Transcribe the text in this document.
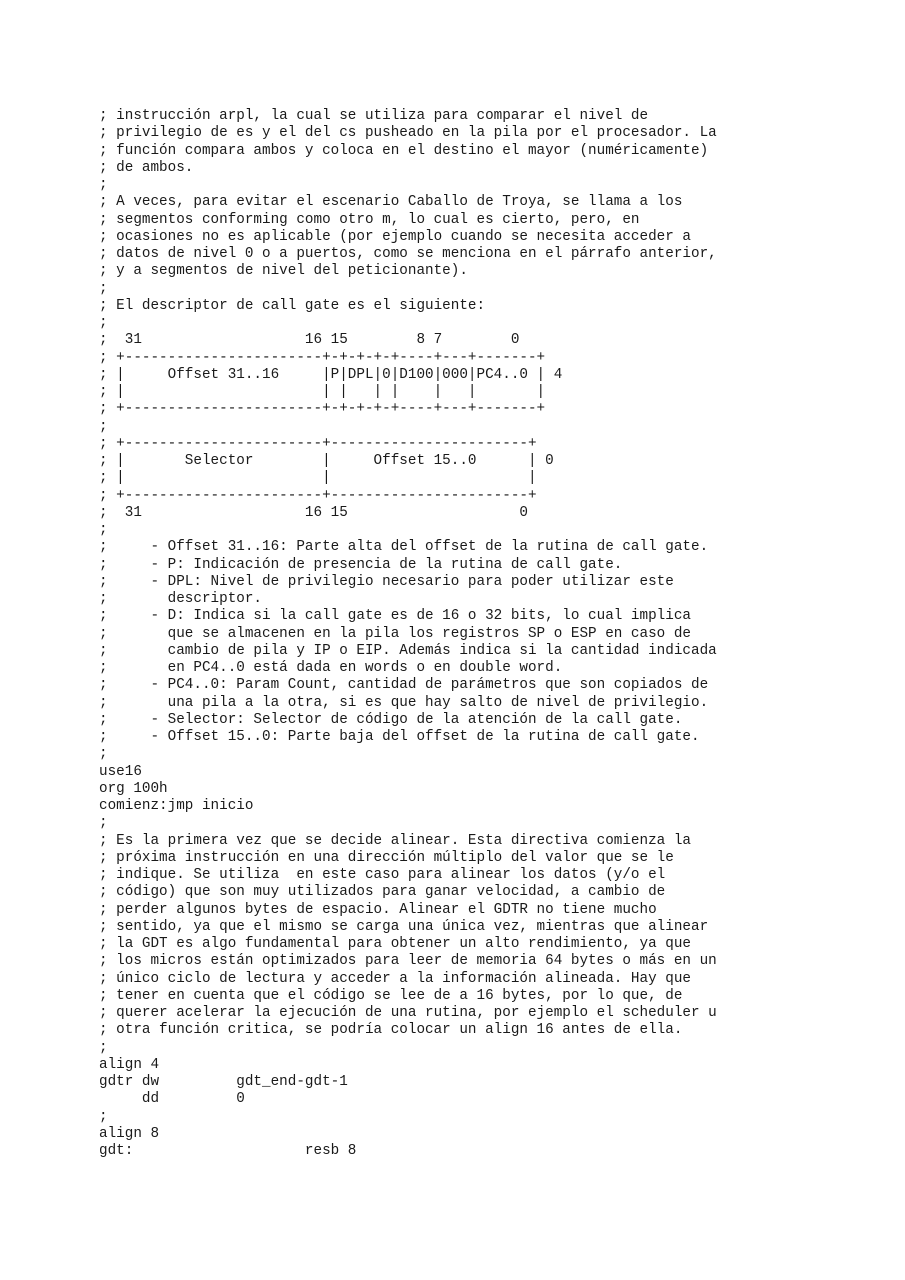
; instrucción arpl, la cual se utiliza para comparar el nivel de
; privilegio de es y el del cs pusheado en la pila por el procesador. La
; función compara ambos y coloca en el destino el mayor (numéricamente)
; de ambos.
;
; A veces, para evitar el escenario Caballo de Troya, se llama a los
; segmentos conforming como otro m, lo cual es cierto, pero, en
; ocasiones no es aplicable (por ejemplo cuando se necesita acceder a
; datos de nivel 0 o a puertos, como se menciona en el párrafo anterior,
; y a segmentos de nivel del peticionante).
;
; El descriptor de call gate es el siguiente:
;
;  31                   16 15        8 7        0
; +-----------------------+-+-+-+-+----+---+-------+
; |     Offset 31..16     |P|DPL|0|D100|000|PC4..0 | 4
; |                       | |   | |    |   |       |
; +-----------------------+-+-+-+-+----+---+-------+
;
; +-----------------------+-----------------------+
; |       Selector        |     Offset 15..0      | 0
; |                       |                       |
; +-----------------------+-----------------------+
;  31                   16 15                    0
;
;     - Offset 31..16: Parte alta del offset de la rutina de call gate.
;     - P: Indicación de presencia de la rutina de call gate.
;     - DPL: Nivel de privilegio necesario para poder utilizar este
;       descriptor.
;     - D: Indica si la call gate es de 16 o 32 bits, lo cual implica
;       que se almacenen en la pila los registros SP o ESP en caso de
;       cambio de pila y IP o EIP. Además indica si la cantidad indicada
;       en PC4..0 está dada en words o en double word.
;     - PC4..0: Param Count, cantidad de parámetros que son copiados de
;       una pila a la otra, si es que hay salto de nivel de privilegio.
;     - Selector: Selector de código de la atención de la call gate.
;     - Offset 15..0: Parte baja del offset de la rutina de call gate.
;
use16
org 100h
comienz:jmp inicio
;
; Es la primera vez que se decide alinear. Esta directiva comienza la
; próxima instrucción en una dirección múltiplo del valor que se le
; indique. Se utiliza  en este caso para alinear los datos (y/o el
; código) que son muy utilizados para ganar velocidad, a cambio de
; perder algunos bytes de espacio. Alinear el GDTR no tiene mucho
; sentido, ya que el mismo se carga una única vez, mientras que alinear
; la GDT es algo fundamental para obtener un alto rendimiento, ya que
; los micros están optimizados para leer de memoria 64 bytes o más en un
; único ciclo de lectura y acceder a la información alineada. Hay que
; tener en cuenta que el código se lee de a 16 bytes, por lo que, de
; querer acelerar la ejecución de una rutina, por ejemplo el scheduler u
; otra función critica, se podría colocar un align 16 antes de ella.
;
align 4
gdtr dw         gdt_end-gdt-1
dd         0
;
align 8
gdt:                    resb 8
